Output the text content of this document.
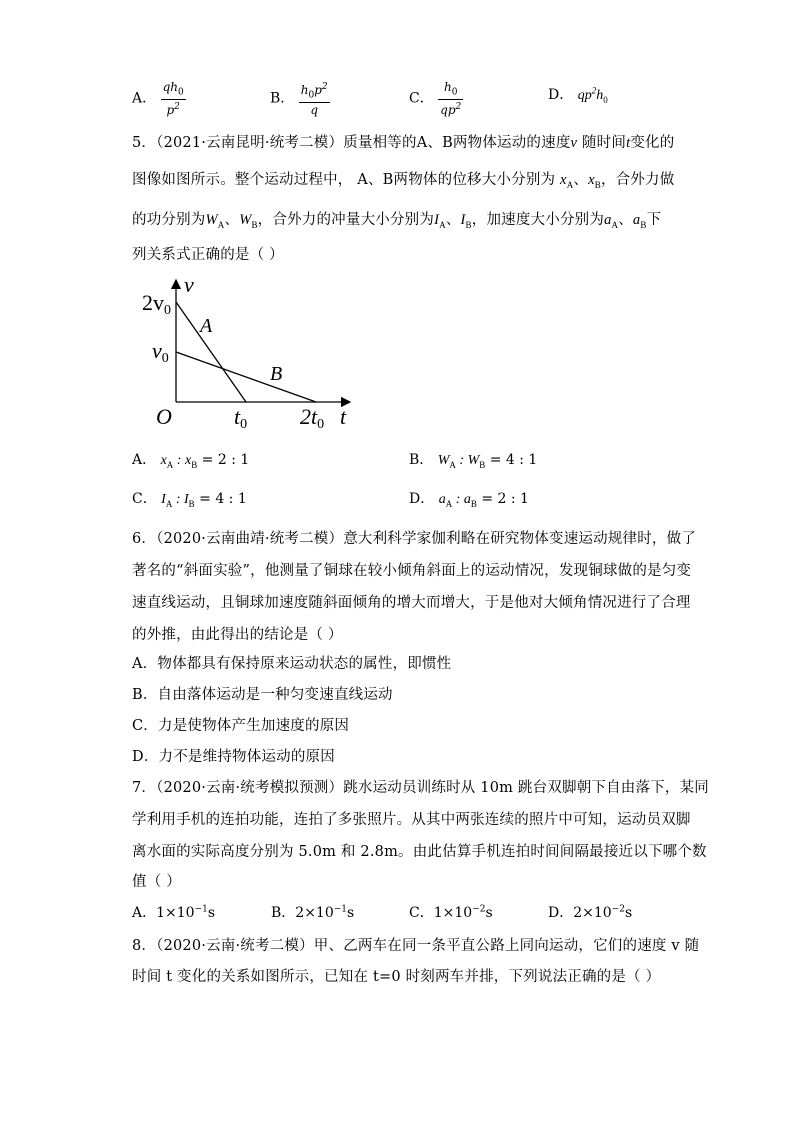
A． $\frac{qh_0}{p^2}$	B． $\frac{h_0p^2}{q}$	C． $\frac{h_0}{qp^2}$	D． $qp^2h_0$
5．（2021·云南昆明·统考二模）质量相等的A、B两物体运动的速度v 随时间t变化的
图像如图所示。整个运动过程中， A、B两物体的位移大小分别为 $x_A$、$x_B$，合外力做
的功分别为$W_A$、$W_B$，合外力的冲量大小分别为$I_A$、$I_B$，加速度大小分别为$a_A$、$a_B$下
列关系式正确的是（ ）
v
t
O
2v0
v0
t0 2t0
A
B
A． $x_A$ : $x_B = 2$ : 1	B． $W_A$ : $W_B = 4$ : 1
C． $I_A$ : $I_B = 4$ : 1	D． $a_A$ : $a_B = 2$ : 1
6．（2020·云南曲靖·统考二模）意大利科学家伽利略在研究物体变速运动规律时，做了
著名的“斜面实验”，他测量了铜球在较小倾角斜面上的运动情况，发现铜球做的是匀变
速直线运动，且铜球加速度随斜面倾角的增大而增大，于是他对大倾角情况进行了合理
的外推，由此得出的结论是（ ）
A．物体都具有保持原来运动状态的属性，即惯性
B．自由落体运动是一种匀变速直线运动
C．力是使物体产生加速度的原因
D．力不是维持物体运动的原因
7．（2020·云南·统考模拟预测）跳水运动员训练时从 10m 跳台双脚朝下自由落下，某同
学利用手机的连拍功能，连拍了多张照片。从其中两张连续的照片中可知，运动员双脚
离水面的实际高度分别为 5.0m 和 2.8m。由此估算手机连拍时间间隔最接近以下哪个数
值（ ）
A．$1\times 10^{-1}s$	B．$2\times 10^{-1}s$	C．$1\times 10^{-2}s$	D．$2\times 10^{-2}s$
8．（2020·云南·统考二模）甲、乙两车在同一条平直公路上同向运动，它们的速度 v 随
时间 t 变化的关系如图所示，已知在 t=0 时刻两车并排，下列说法正确的是（ ）
